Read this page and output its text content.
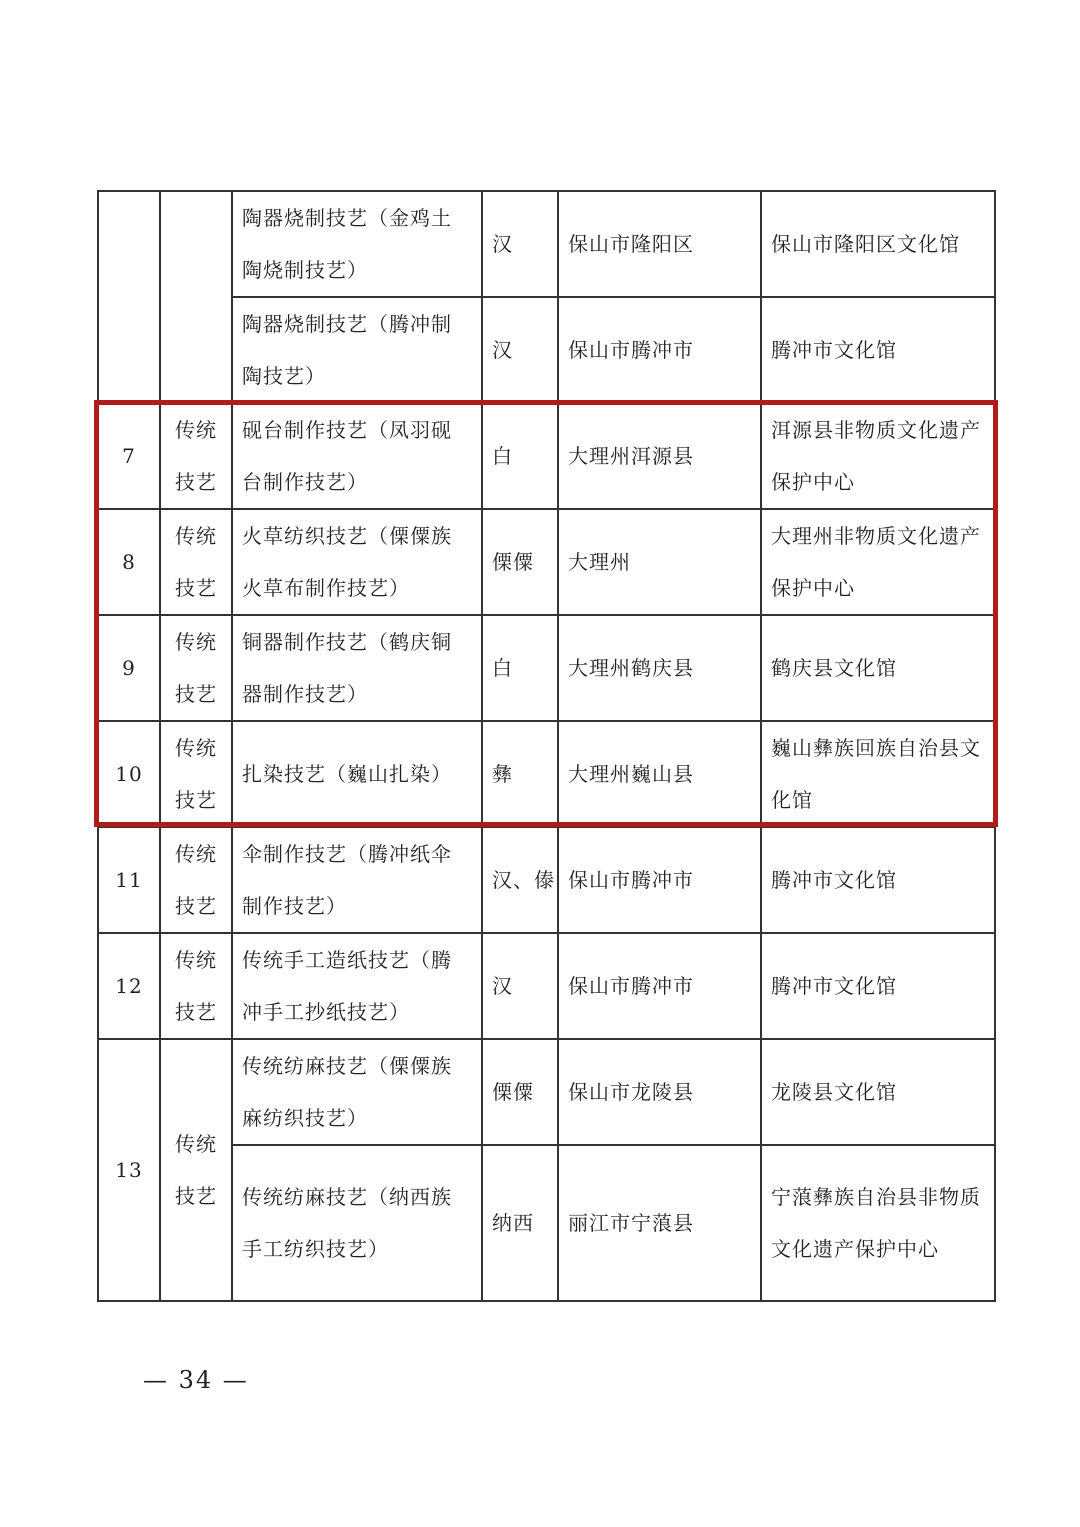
		陶器烧制技艺（金鸡土陶烧制技艺）	汉	保山市隆阳区	保山市隆阳区文化馆
		陶器烧制技艺（腾冲制陶技艺）	汉	保山市腾冲市	腾冲市文化馆
7	传统技艺	砚台制作技艺（凤羽砚台制作技艺）	白	大理州洱源县	洱源县非物质文化遗产保护中心
8	传统技艺	火草纺织技艺（傈僳族火草布制作技艺）	傈僳	大理州	大理州非物质文化遗产保护中心
9	传统技艺	铜器制作技艺（鹤庆铜器制作技艺）	白	大理州鹤庆县	鹤庆县文化馆
10	传统技艺	扎染技艺（巍山扎染）	彝	大理州巍山县	巍山彝族回族自治县文化馆
11	传统技艺	伞制作技艺（腾冲纸伞制作技艺）	汉、傣	保山市腾冲市	腾冲市文化馆
12	传统技艺	传统手工造纸技艺（腾冲手工抄纸技艺）	汉	保山市腾冲市	腾冲市文化馆
13	传统技艺	传统纺麻技艺（傈僳族麻纺织技艺）	傈僳	保山市龙陵县	龙陵县文化馆
		传统纺麻技艺（纳西族手工纺织技艺）	纳西	丽江市宁蒗县	宁蒗彝族自治县非物质文化遗产保护中心
— 34 —
